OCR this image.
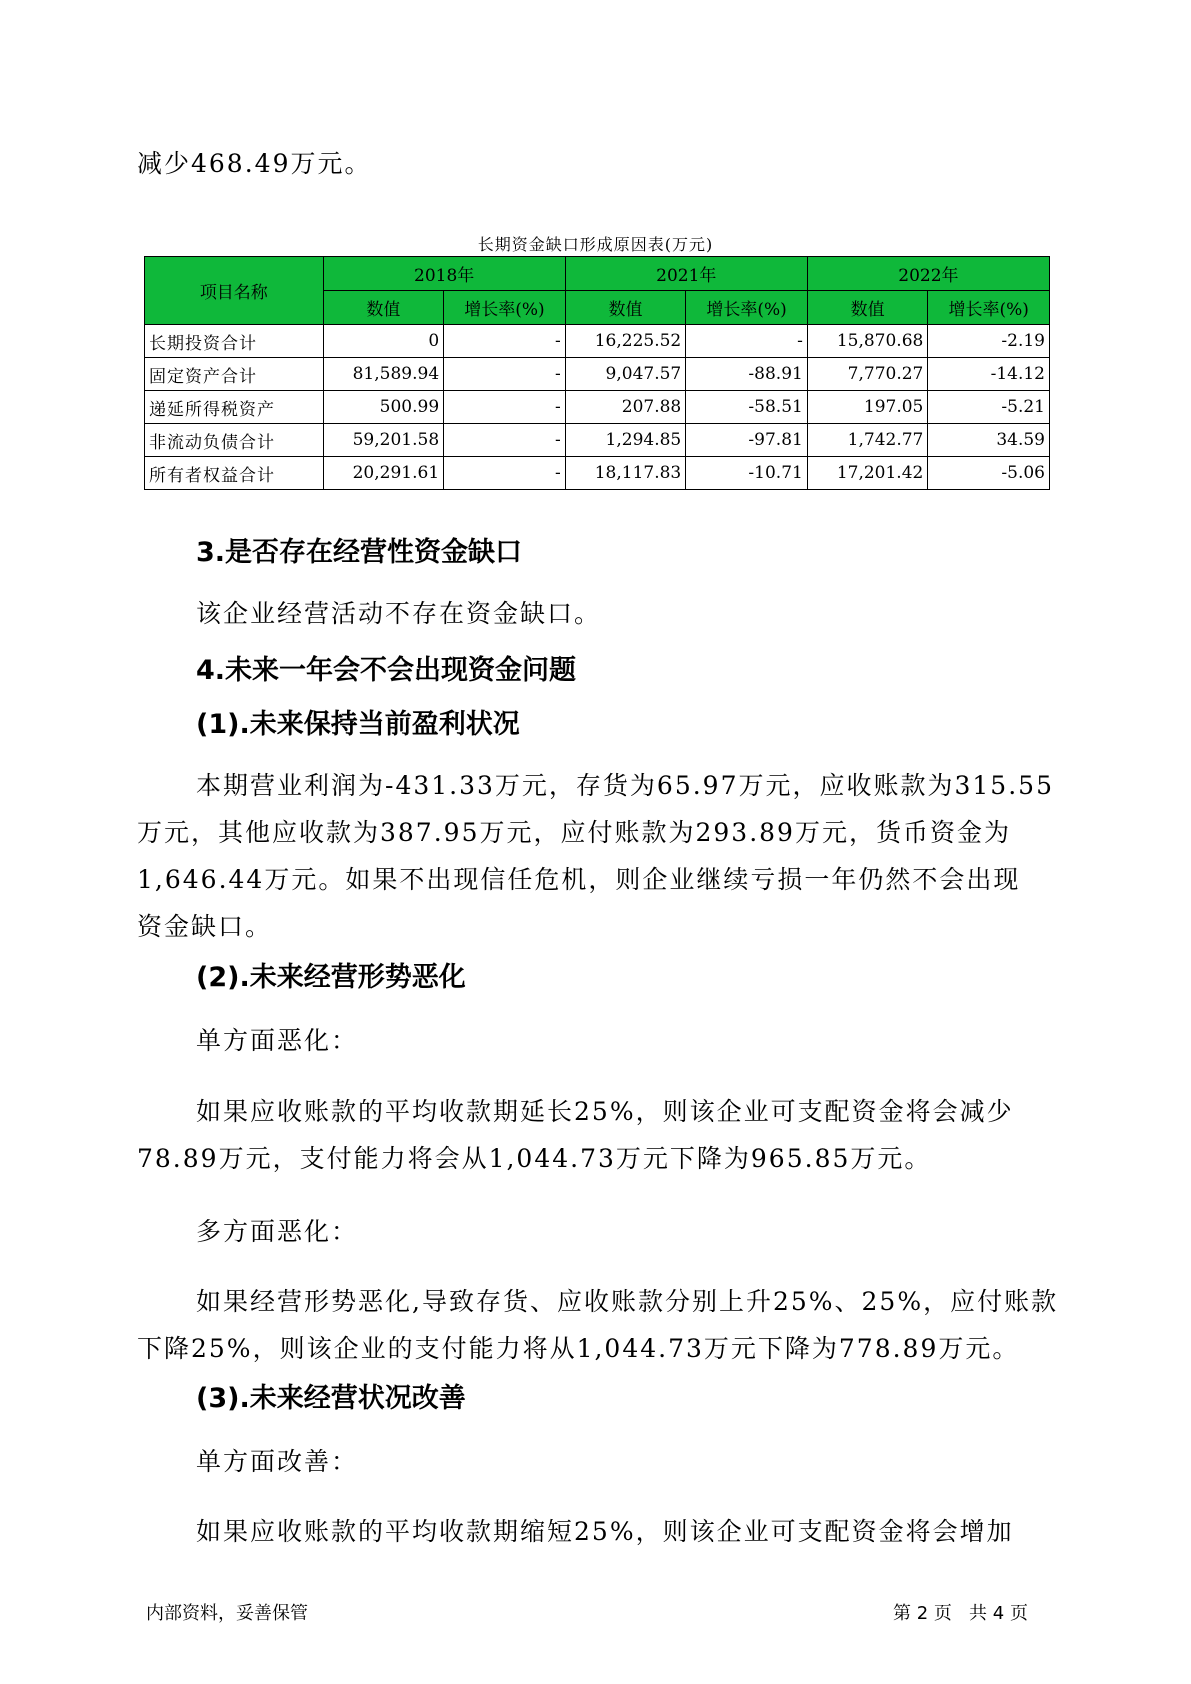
减少468.49万元。

长期资金缺口形成原因表(万元)
项目名称	2018年		2021年		2022年	
	数值	增长率(%)	数值	增长率(%)	数值	增长率(%)
长期投资合计	0	-	16,225.52	-	15,870.68	-2.19
固定资产合计	81,589.94	-	9,047.57	-88.91	7,770.27	-14.12
递延所得税资产	500.99	-	207.88	-58.51	197.05	-5.21
非流动负债合计	59,201.58	-	1,294.85	-97.81	1,742.77	34.59
所有者权益合计	20,291.61	-	18,117.83	-10.71	17,201.42	-5.06
3.是否存在经营性资金缺口

该企业经营活动不存在资金缺口。

4.未来一年会不会出现资金问题
(1).未来保持当前盈利状况

本期营业利润为-431.33万元，存货为65.97万元，应收账款为315.55

万元，其他应收款为387.95万元，应付账款为293.89万元，货币资金为

1,646.44万元。如果不出现信任危机，则企业继续亏损一年仍然不会出现

资金缺口。

(2).未来经营形势恶化

单方面恶化：

如果应收账款的平均收款期延长25%，则该企业可支配资金将会减少

78.89万元，支付能力将会从1,044.73万元下降为965.85万元。

多方面恶化：

如果经营形势恶化,导致存货、应收账款分别上升25%、25%，应付账款

下降25%，则该企业的支付能力将从1,044.73万元下降为778.89万元。

(3).未来经营状况改善

单方面改善：

如果应收账款的平均收款期缩短25%，则该企业可支配资金将会增加

内部资料，妥善保管	第 2 页   共 4 页
